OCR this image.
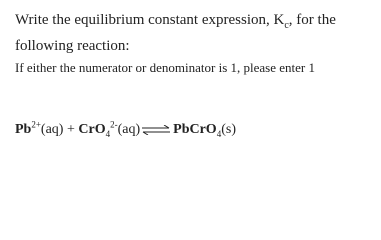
Write the equilibrium constant expression, $K_c$, for the
following reaction:
If either the numerator or denominator is 1, please enter 1
$Pb^{2+}(aq)$ + CrO$_4^{2-}$(aq)⇌ PbCrO$_4$(s)
